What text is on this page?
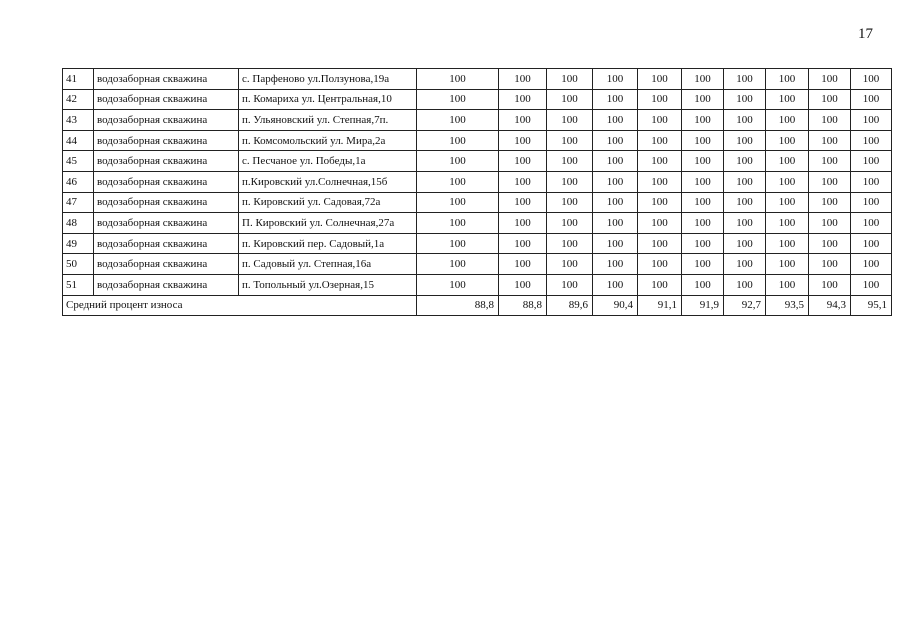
17
41	водозаборная скважина	с. Парфеново ул.Ползунова,19а	100	100	100	100	100	100	100	100	100	100
42	водозаборная скважина	п. Комариха ул. Центральная,10	100	100	100	100	100	100	100	100	100	100
43	водозаборная скважина	п. Ульяновский ул. Степная,7п.	100	100	100	100	100	100	100	100	100	100
44	водозаборная скважина	п. Комсомольский ул. Мира,2а	100	100	100	100	100	100	100	100	100	100
45	водозаборная скважина	с. Песчаное ул. Победы,1а	100	100	100	100	100	100	100	100	100	100
46	водозаборная скважина	п.Кировский ул.Солнечная,15б	100	100	100	100	100	100	100	100	100	100
47	водозаборная скважина	п. Кировский ул. Садовая,72а	100	100	100	100	100	100	100	100	100	100
48	водозаборная скважина	П. Кировский ул. Солнечная,27а	100	100	100	100	100	100	100	100	100	100
49	водозаборная скважина	п. Кировский пер. Садовый,1а	100	100	100	100	100	100	100	100	100	100
50	водозаборная скважина	п. Садовый ул. Степная,16а	100	100	100	100	100	100	100	100	100	100
51	водозаборная скважина	п. Топольный ул.Озерная,15	100	100	100	100	100	100	100	100	100	100
Средний процент износа			88,8	88,8	89,6	90,4	91,1	91,9	92,7	93,5	94,3	95,1
